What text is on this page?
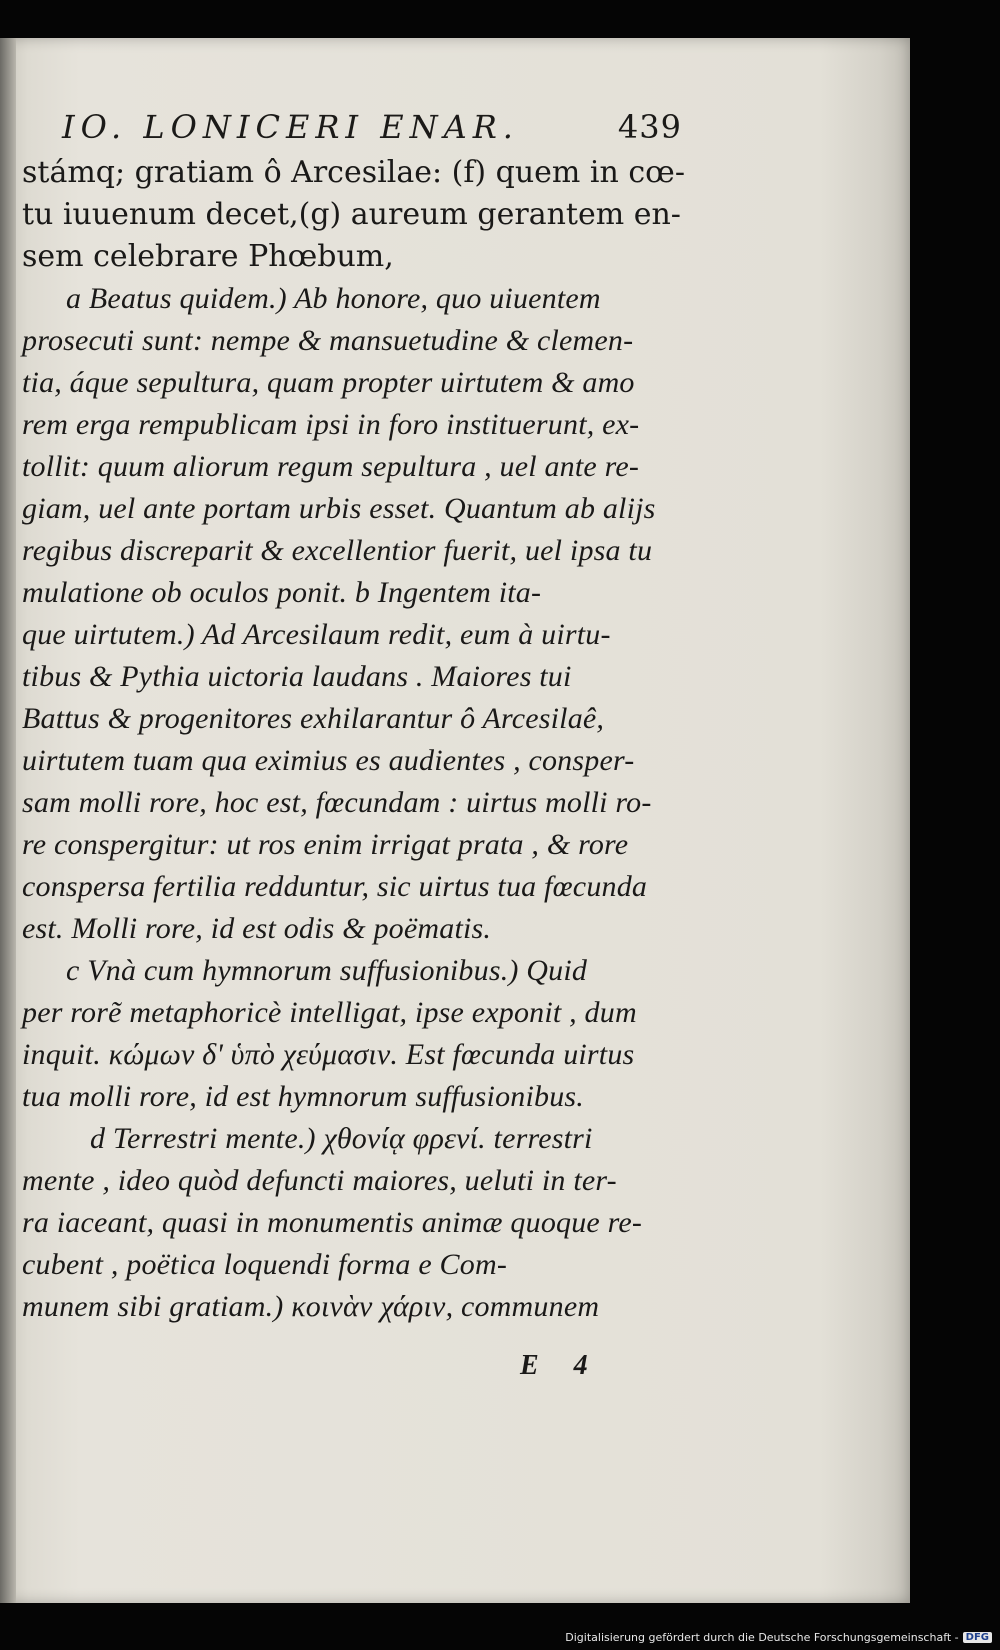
IO. LONICERI ENAR.	439
stámq; gratiam ô Arcesilae: (f) quem in cœ-
tu iuuenum decet,(g) aureum gerantem en-
sem celebrare Phœbum,
a Beatus quidem.) Ab honore, quo uiuentem
prosecuti sunt: nempe & mansuetudine & clemen-
tia, áque sepultura, quam propter uirtutem & amo
rem erga rempublicam ipsi in foro instituerunt, ex-
tollit: quum aliorum regum sepultura , uel ante re-
giam, uel ante portam urbis esset. Quantum ab alijs
regibus discreparit & excellentior fuerit, uel ipsa tu
mulatione ob oculos ponit. b Ingentem ita-
que uirtutem.) Ad Arcesilaum redit, eum à uirtu-
tibus & Pythia uictoria laudans . Maiores tui
Battus & progenitores exhilarantur ô Arcesilaê,
uirtutem tuam qua eximius es audientes , consper-
sam molli rore, hoc est, fœcundam : uirtus molli ro-
re conspergitur: ut ros enim irrigat prata , & rore
conspersa fertilia redduntur, sic uirtus tua fœcunda
est. Molli rore, id est odis & poëmatis.
c Vnà cum hymnorum suffusionibus.) Quid
per rorẽ metaphoricè intelligat, ipse exponit , dum
inquit. κώμων δ' ὑπὸ χεύμασιν. Est fœcunda uirtus
tua molli rore, id est hymnorum suffusionibus.
d Terrestri mente.) χθονίᾳ φρενί. terrestri
mente , ideo quòd defuncti maiores, ueluti in ter-
ra iaceant, quasi in monumentis animæ quoque re-
cubent , poëtica loquendi forma e Com-
munem sibi gratiam.) κοινὰν χάριν, communem
E 4
Digitalisierung gefördert durch die Deutsche Forschungsgemeinschaft - DFG
